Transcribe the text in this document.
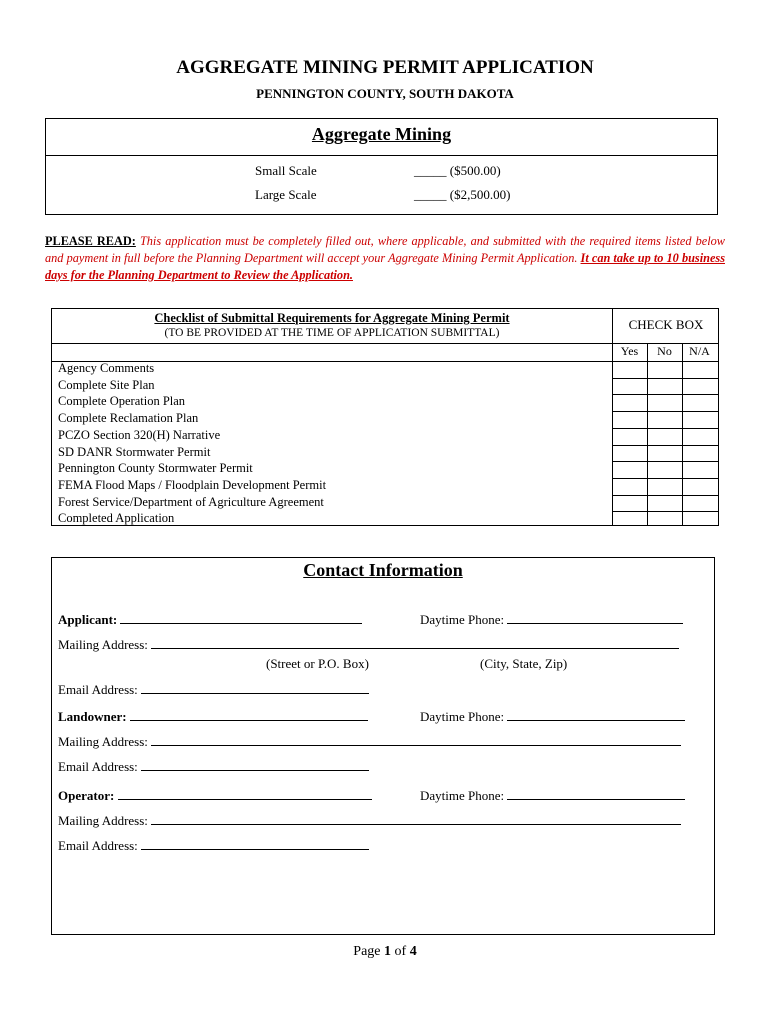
AGGREGATE MINING PERMIT APPLICATION
PENNINGTON COUNTY, SOUTH DAKOTA
Aggregate Mining
Small Scale	_____ ($500.00)
Large Scale	_____ ($2,500.00)
PLEASE READ: This application must be completely filled out, where applicable, and submitted with the required items listed below and payment in full before the Planning Department will accept your Aggregate Mining Permit Application. It can take up to 10 business days for the Planning Department to Review the Application.
Checklist of Submittal Requirements for Aggregate Mining Permit
(TO BE PROVIDED AT THE TIME OF APPLICATION SUBMITTAL)
CHECK BOX
Yes	No	N/A
Agency Comments
Complete Site Plan
Complete Operation Plan
Complete Reclamation Plan
PCZO Section 320(H) Narrative
SD DANR Stormwater Permit
Pennington County Stormwater Permit
FEMA Flood Maps / Floodplain Development Permit
Forest Service/Department of Agriculture Agreement
Completed Application
Contact Information
Applicant:	Daytime Phone:
Mailing Address:
(Street or P.O. Box)	(City, State, Zip)
Email Address:
Landowner:	Daytime Phone:
Mailing Address:
Email Address:
Operator:	Daytime Phone:
Mailing Address:
Email Address:
Page 1 of 4
